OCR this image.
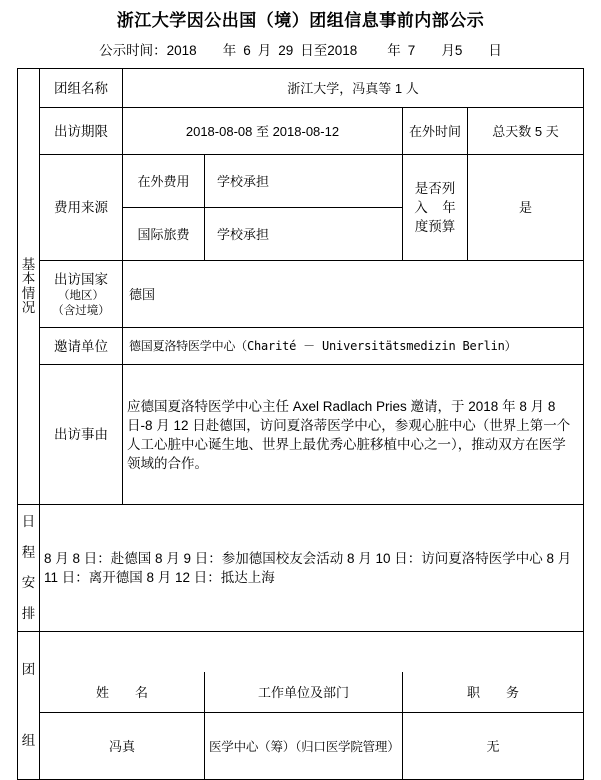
浙江大学因公出国（境）团组信息事前内部公示

公示时间：2018 年 6 月 29 日至2018 年 7 月5 日

基
本
情
况	团组名称	浙江大学，冯真等 1 人			
	出访期限	2018-08-08 至 2018-08-12		在外时间	总天数 5 天
	费用来源	在外费用	学校承担	是否列
入 年
度预算	是
		国际旅费	学校承担		
	出访国家
（地区）
（含过境）	德国			
	邀请单位	德国夏洛特医学中心（Charité － Universitätsmedizin Berlin）			
	出访事由	应德国夏洛特医学中心主任 Axel Radlach Pries 邀请，于 2018 年 8 月 8 日-8 月 12 日赴德国，访问夏洛蒂医学中心，参观心脏中心（世界上第一个人工心脏中心诞生地、世界上最优秀心脏移植中心之一），推动双方在医学领域的合作。			

日
程
安
排	8 月 8 日：赴德国 8 月 9 日：参加德国校友会活动 8 月 10 日：访问夏洛特医学中心 8 月 11 日：离开德国 8 月 12 日：抵达上海				

团
组					

	姓　　名		工作单位及部门	职　　务	
	冯真		医学中心（筹）（归口医学院管理）	无	
